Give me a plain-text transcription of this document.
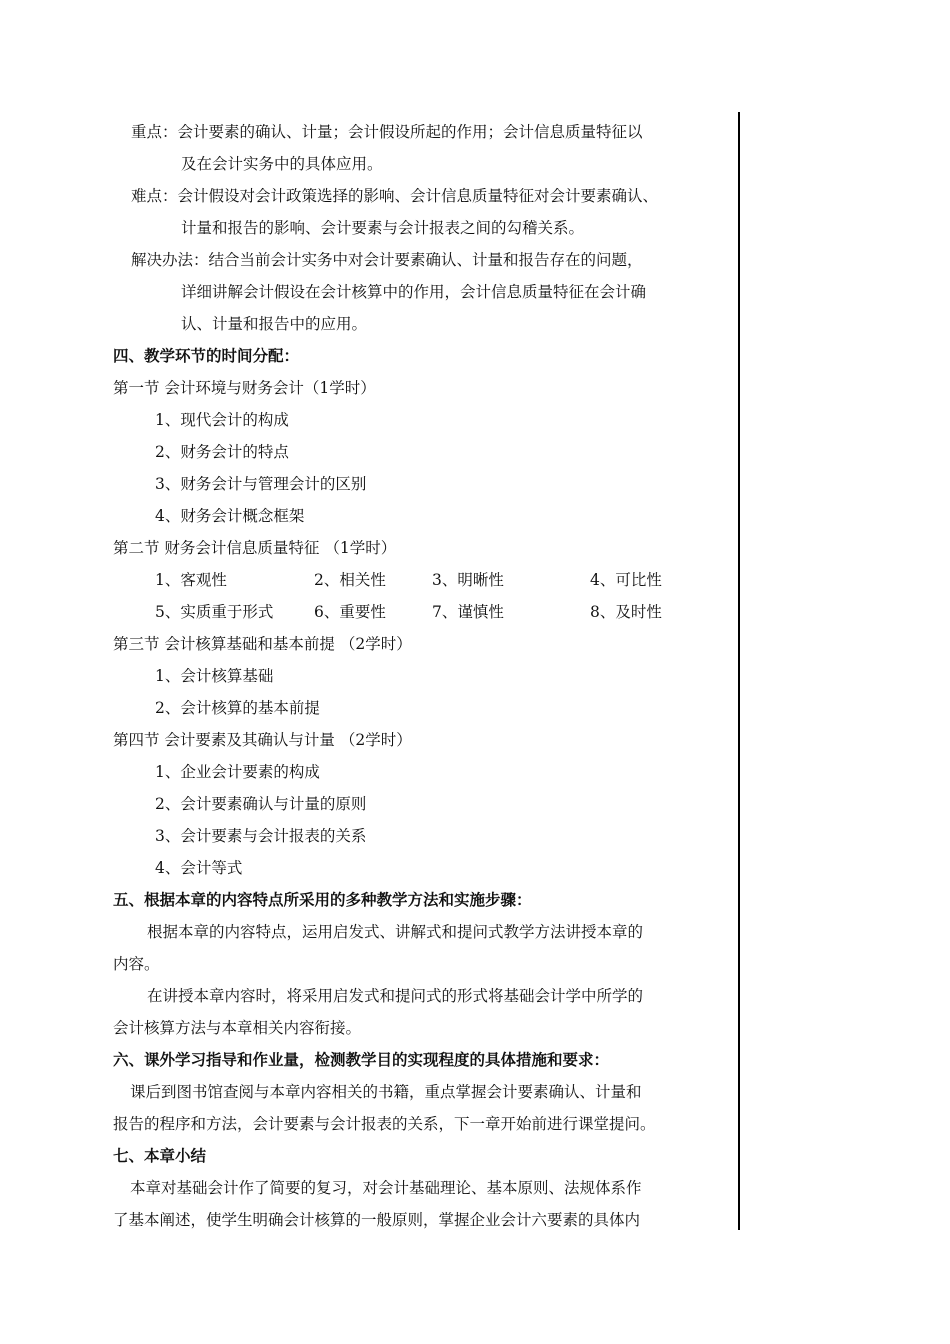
重点：会计要素的确认、计量；会计假设所起的作用；会计信息质量特征以
及在会计实务中的具体应用。
难点：会计假设对会计政策选择的影响、会计信息质量特征对会计要素确认、
计量和报告的影响、会计要素与会计报表之间的勾稽关系。
解决办法：结合当前会计实务中对会计要素确认、计量和报告存在的问题，
详细讲解会计假设在会计核算中的作用，会计信息质量特征在会计确
认、计量和报告中的应用。
四、教学环节的时间分配：
第一节 会计环境与财务会计（1学时）
1、现代会计的构成
2、财务会计的特点
3、财务会计与管理会计的区别
4、财务会计概念框架
第二节 财务会计信息质量特征 （1学时）
1、客观性	2、相关性	3、明晰性	4、可比性
5、实质重于形式	6、重要性	7、谨慎性	8、及时性
第三节 会计核算基础和基本前提 （2学时）
1、会计核算基础
2、会计核算的基本前提
第四节 会计要素及其确认与计量 （2学时）
1、企业会计要素的构成
2、会计要素确认与计量的原则
3、会计要素与会计报表的关系
4、会计等式
五、根据本章的内容特点所采用的多种教学方法和实施步骤：
根据本章的内容特点，运用启发式、讲解式和提问式教学方法讲授本章的
内容。
在讲授本章内容时，将采用启发式和提问式的形式将基础会计学中所学的
会计核算方法与本章相关内容衔接。
六、课外学习指导和作业量，检测教学目的实现程度的具体措施和要求：
课后到图书馆查阅与本章内容相关的书籍，重点掌握会计要素确认、计量和
报告的程序和方法，会计要素与会计报表的关系，下一章开始前进行课堂提问。
七、本章小结
本章对基础会计作了简要的复习，对会计基础理论、基本原则、法规体系作
了基本阐述，使学生明确会计核算的一般原则，掌握企业会计六要素的具体内
